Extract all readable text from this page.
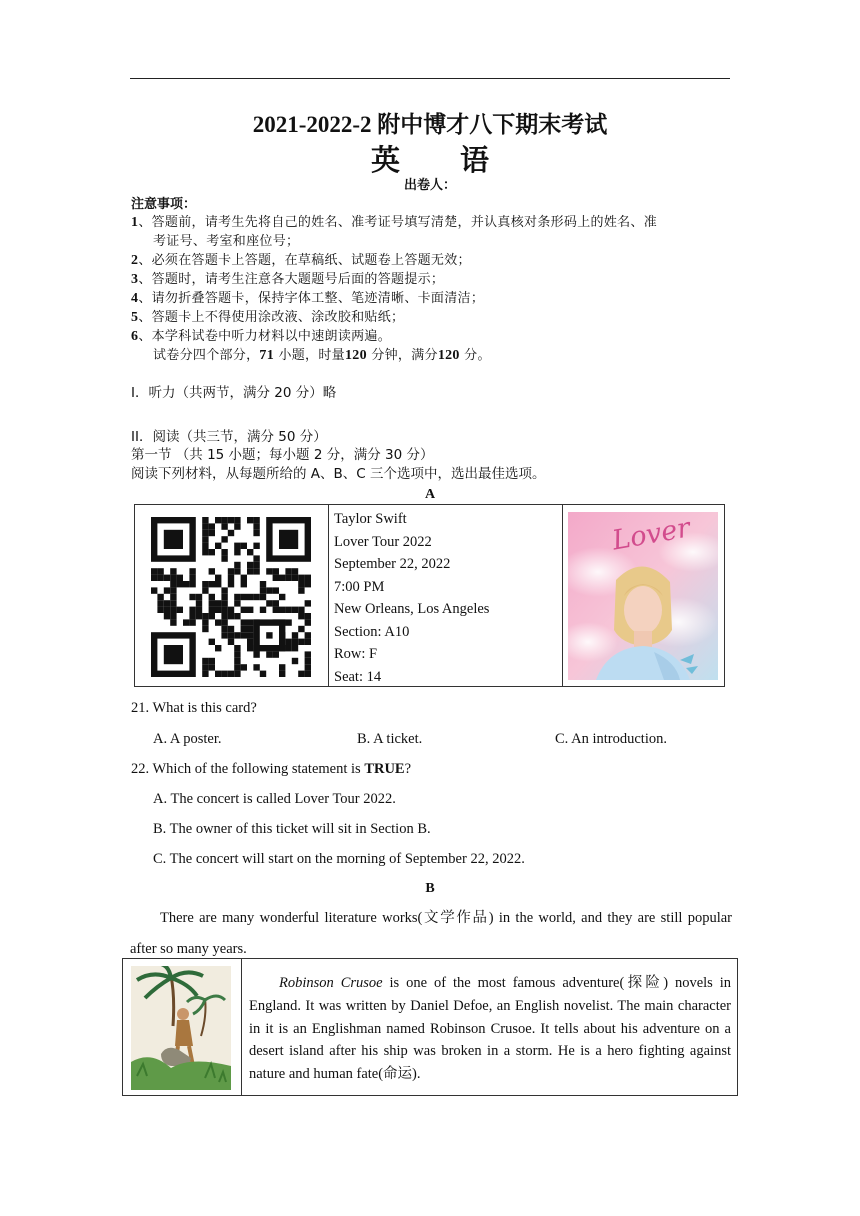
2021-2022-2 附中博才八下期末考试
英 语
出卷人：
注意事项：
1、答题前，请考生先将自己的姓名、准考证号填写清楚，并认真核对条形码上的姓名、准
考证号、考室和座位号；
2、必须在答题卡上答题，在草稿纸、试题卷上答题无效；
3、答题时，请考生注意各大题题号后面的答题提示；
4、请勿折叠答题卡，保持字体工整、笔迹清晰、卡面清洁；
5、答题卡上不得使用涂改液、涂改胶和贴纸；
6、本学科试卷中听力材料以中速朗读两遍。
试卷分四个部分，71 小题，时量120 分钟，满分120 分。
I．听力（共两节，满分 20 分）略
II．阅读（共三节，满分 50 分）
第一节 （共 15 小题；每小题 2 分，满分 30 分）
阅读下列材料，从每题所给的 A、B、C 三个选项中，选出最佳选项。
A
Taylor Swift
Lover Tour 2022
September 22, 2022
7:00 PM
New Orleans, Los Angeles
Section: A10
Row: F
Seat: 14
Lover
21. What is this card?
A. A poster.	B. A ticket.	C. An introduction.
22. Which of the following statement is TRUE?
A. The concert is called Lover Tour 2022.
B. The owner of this ticket will sit in Section B.
C. The concert will start on the morning of September 22, 2022.
B
There are many wonderful literature works(文学作品) in the world, and they are still popular after so many years.
Robinson Crusoe is one of the most famous adventure(探险) novels in England. It was written by Daniel Defoe, an English novelist. The main character in it is an Englishman named Robinson Crusoe. It tells about his adventure on a desert island after his ship was broken in a storm. He is a hero fighting against nature and human fate(命运).
